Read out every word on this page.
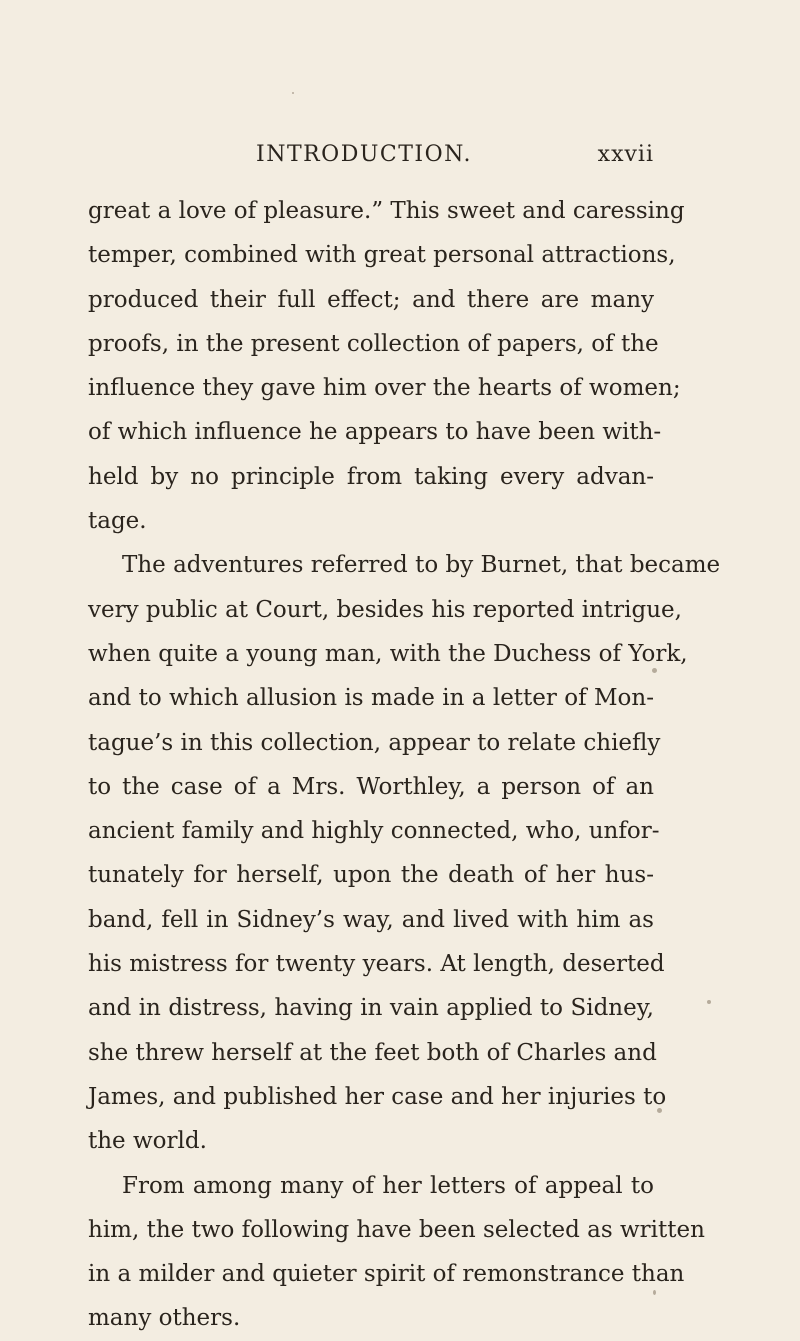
INTRODUCTION.	xxvii
great a love of pleasure.” This sweet and caressing
temper, combined with great personal attractions,
produced their full effect; and there are many
proofs, in the present collection of papers, of the
influence they gave him over the hearts of women;
of which influence he appears to have been with-
held by no principle from taking every advan-
tage.
The adventures referred to by Burnet, that became
very public at Court, besides his reported intrigue,
when quite a young man, with the Duchess of York,
and to which allusion is made in a letter of Mon-
tague’s in this collection, appear to relate chiefly
to the case of a Mrs. Worthley, a person of an
ancient family and highly connected, who, unfor-
tunately for herself, upon the death of her hus-
band, fell in Sidney’s way, and lived with him as
his mistress for twenty years. At length, deserted
and in distress, having in vain applied to Sidney,
she threw herself at the feet both of Charles and
James, and published her case and her injuries to
the world.
From among many of her letters of appeal to
him, the two following have been selected as written
in a milder and quieter spirit of remonstrance than
many others.
